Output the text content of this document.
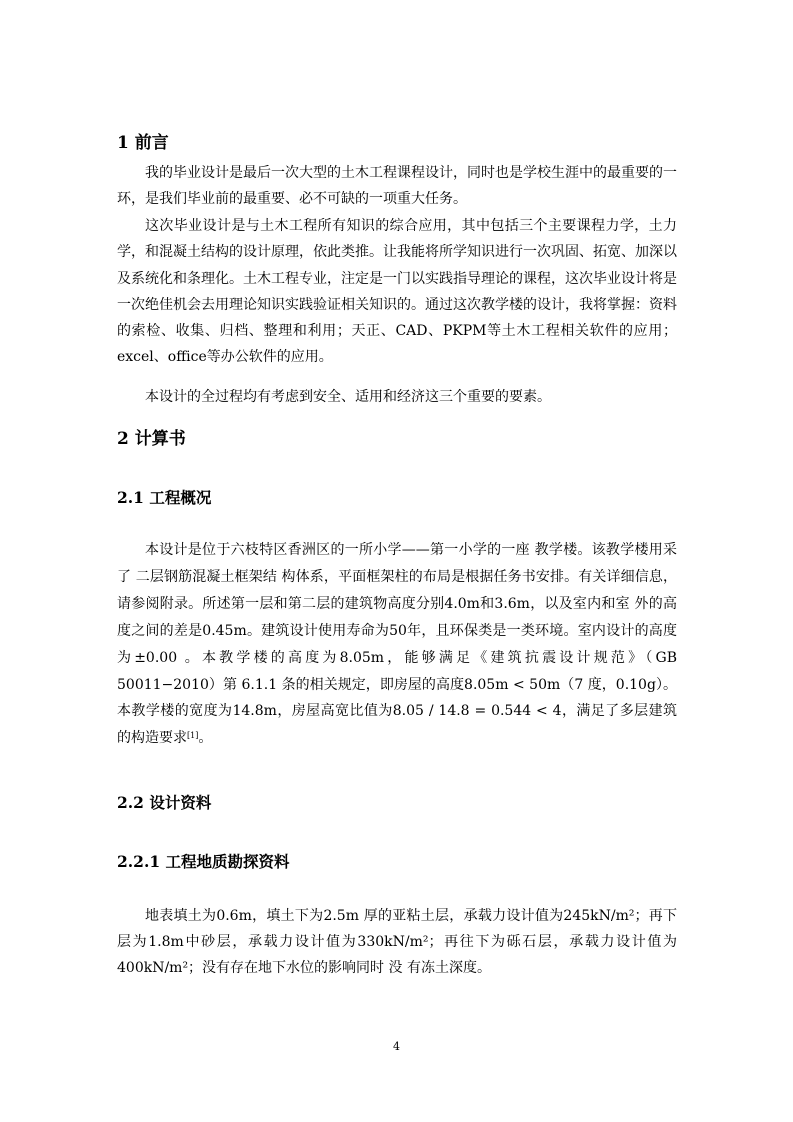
1 前言

我的毕业设计是最后一次大型的土木工程课程设计，同时也是学校生涯中的最重要的一环，是我们毕业前的最重要、必不可缺的一项重大任务。

这次毕业设计是与土木工程所有知识的综合应用，其中包括三个主要课程力学，土力学，和混凝土结构的设计原理，依此类推。让我能将所学知识进行一次巩固、拓宽、加深以及系统化和条理化。土木工程专业，注定是一门以实践指导理论的课程，这次毕业设计将是一次绝佳机会去用理论知识实践验证相关知识的。通过这次教学楼的设计，我将掌握：资料的索检、收集、归档、整理和利用；天正、CAD、PKPM等土木工程相关软件的应用；excel、office等办公软件的应用。

本设计的全过程均有考虑到安全、适用和经济这三个重要的要素。

2 计算书
2.1 工程概况

本设计是位于六枝特区香洲区的一所小学——第一小学的一座 教学楼。该教学楼用采了 二层钢筋混凝土框架结 构体系，平面框架柱的布局是根据任务书安排。有关详细信息，请参阅附录。所述第一层和第二层的建筑物高度分别4.0m和3.6m，以及室内和室 外的高度之间的差是0.45m。建筑设计使用寿命为50年，且环保类是一类环境。室内设计的高度为±0.00 。本教学楼的高度为8.05m，能够满足《建筑抗震设计规范》（GB 50011−2010）第 6.1.1 条的相关规定，即房屋的高度8.05m < 50m（7 度，0.10g）。本教学楼的宽度为14.8m，房屋高宽比值为8.05 / 14.8 = 0.544 < 4，满足了多层建筑的构造要求[1]。

2.2 设计资料
2.2.1 工程地质勘探资料

地表填土为0.6m，填土下为2.5m 厚的亚粘土层，承载力设计值为245kN/m²；再下层为1.8m中砂层，承载力设计值为330kN/m²；再往下为砾石层，承载力设计值为400kN/m²；没有存在地下水位的影响同时 没 有冻土深度。

4
